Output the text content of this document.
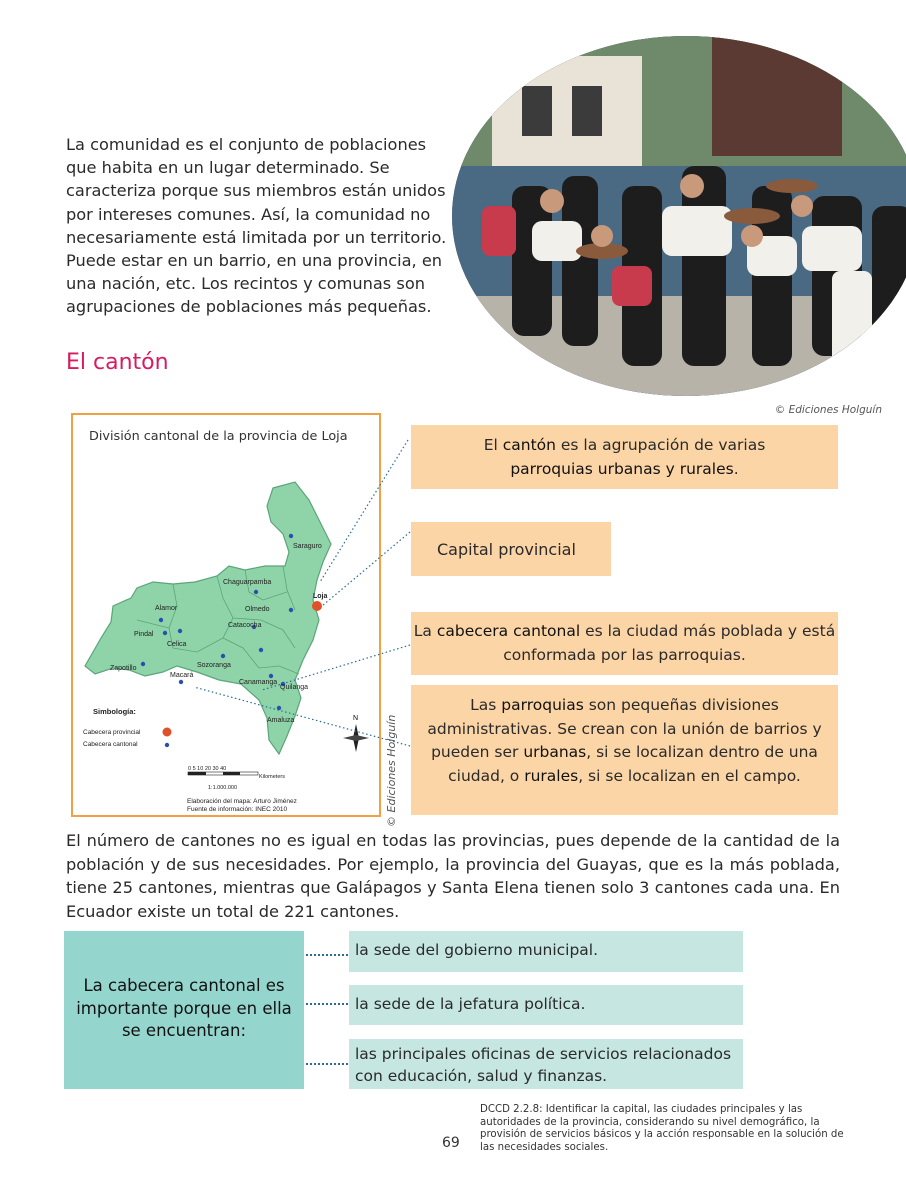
La comunidad es el conjunto de poblaciones que habita en un lugar determinado. Se caracteriza porque sus miembros están unidos por intereses comunes. Así, la comunidad no necesariamente está limitada por un territorio. Puede estar en un barrio, en una provincia, en una nación, etc. Los recintos y comunas son agrupaciones de poblaciones más pequeñas.
© Ediciones Holguín
El cantón
División cantonal de la provincia de Loja
Saraguro
Loja
Chaguarpamba
Olmedo
Alamor
Pindal
Celica
Catacocha
Zapotillo
Macará
Sozoranga
Canamanga
Quilanga
Amaluza
Simbología:
Cabecera provincial
Cabecera cantonal
N
0 5 10 20 30 40
Kilometers
1:1.000.000
Elaboración del mapa: Arturo Jiménez
Fuente de información: INEC 2010	© Ediciones Holguín
El cantón es la agrupación de varias
parroquias urbanas y rurales.
Capital provincial
La cabecera cantonal es la ciudad más poblada y está conformada por las parroquias.
Las parroquias son pequeñas divisiones administrativas. Se crean con la unión de barrios y pueden ser urbanas, si se localizan dentro de una ciudad, o rurales, si se localizan en el campo.
El número de cantones no es igual en todas las provincias, pues depende de la cantidad de la población y de sus necesidades. Por ejemplo, la provincia del Guayas, que es la más poblada, tiene 25 cantones, mientras que Galápagos y Santa Elena tienen solo 3 cantones cada una. En Ecuador existe un total de 221 cantones.
La cabecera cantonal es importante porque en ella se encuentran:
la sede del gobierno municipal.
la sede de la jefatura política.
las principales oficinas de servicios relacionados con educación, salud y finanzas.
DCCD 2.2.8: Identificar la capital, las ciudades principales y las autoridades de la provincia, considerando su nivel demográfico, la provisión de servicios básicos y la acción responsable en la solución de las necesidades sociales.
69
